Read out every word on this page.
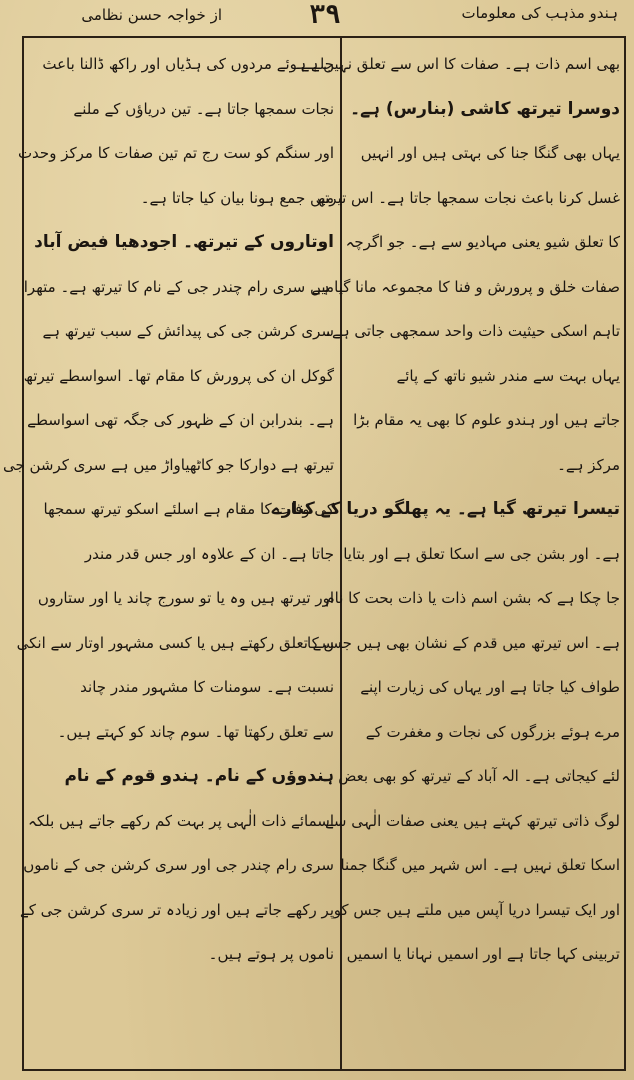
از خواجہ حسن نظامی	۳۹	ہندو مذہب کی معلومات

بھی اسم ذات ہے۔ صفات کا اس سے تعلق نہیں ہے

دوسرا تیرتھ کاشی (بنارس) ہے۔

یہاں بھی گنگا جنا کی بہتی ہیں اور انہیں

غسل کرنا باعث نجات سمجھا جاتا ہے۔ اس تیرتھ

کا تعلق شیو یعنی مہادیو سے ہے۔ جو اگرچہ

صفات خلق و پرورش و فنا کا مجموعہ مانا گیا ہے

تاہم اسکی حیثیت ذات واحد سمجھی جاتی ہے۔

یہاں بہت سے مندر شیو ناتھ کے پائے

جاتے ہیں اور ہندو علوم کا بھی یہ مقام بڑا

مرکز ہے۔

تیسرا تیرتھ گیا ہے۔ یہ پھلگو دریا کے کنارے

ہے۔ اور بشن جی سے اسکا تعلق ہے اور بتایا

جا چکا ہے کہ بشن اسم ذات یا ذات بحت کا نام

ہے۔ اس تیرتھ میں قدم کے نشان بھی ہیں جس کا

طواف کیا جاتا ہے اور یہاں کی زیارت اپنے

مرے ہوئے بزرگوں کی نجات و مغفرت کے

لئے کیجاتی ہے۔ الہ آباد کے تیرتھ کو بھی بعض

لوگ ذاتی تیرتھ کہتے ہیں یعنی صفات الٰہی سے

اسکا تعلق نہیں ہے۔ اس شہر میں گنگا جمنا

اور ایک تیسرا دریا آپس میں ملتے ہیں جس کو

تربینی کہا جاتا ہے اور اسمیں نہانا یا اسمیں

جلے ہوئے مردوں کی ہڈیاں اور راکھ ڈالنا باعث

نجات سمجھا جاتا ہے۔ تین دریاؤں کے ملنے

اور سنگم کو ست رج تم تین صفات کا مرکز وحدت

میں جمع ہونا بیان کیا جاتا ہے۔

اوتاروں کے تیرتھ۔ اجودھیا فیض آباد

میں سری رام چندر جی کے نام کا تیرتھ ہے۔ متھرا

سری کرشن جی کی پیدائش کے سبب تیرتھ ہے

گوکل ان کی پرورش کا مقام تھا۔ اسواسطے تیرتھ

ہے۔ بندرابن ان کے ظہور کی جگہ تھی اسواسطے

تیرتھ ہے دوارکا جو کاٹھیاواڑ میں ہے سری کرشن جی

کی وفات کا مقام ہے اسلئے اسکو تیرتھ سمجھا

جاتا ہے۔ ان کے علاوہ اور جس قدر مندر

اور تیرتھ ہیں وہ یا تو سورج چاند یا اور ستاروں

سے تعلق رکھتے ہیں یا کسی مشہور اوتار سے انکی

نسبت ہے۔ سومنات کا مشہور مندر چاند

سے تعلق رکھتا تھا۔ سوم چاند کو کہتے ہیں۔

ہندوؤں کے نام۔ ہندو قوم کے نام

اسمائے ذات الٰہی پر بہت کم رکھے جاتے ہیں بلکہ

سری رام چندر جی اور سری کرشن جی کے ناموں

پر رکھے جاتے ہیں اور زیادہ تر سری کرشن جی کے

ناموں پر ہوتے ہیں۔
